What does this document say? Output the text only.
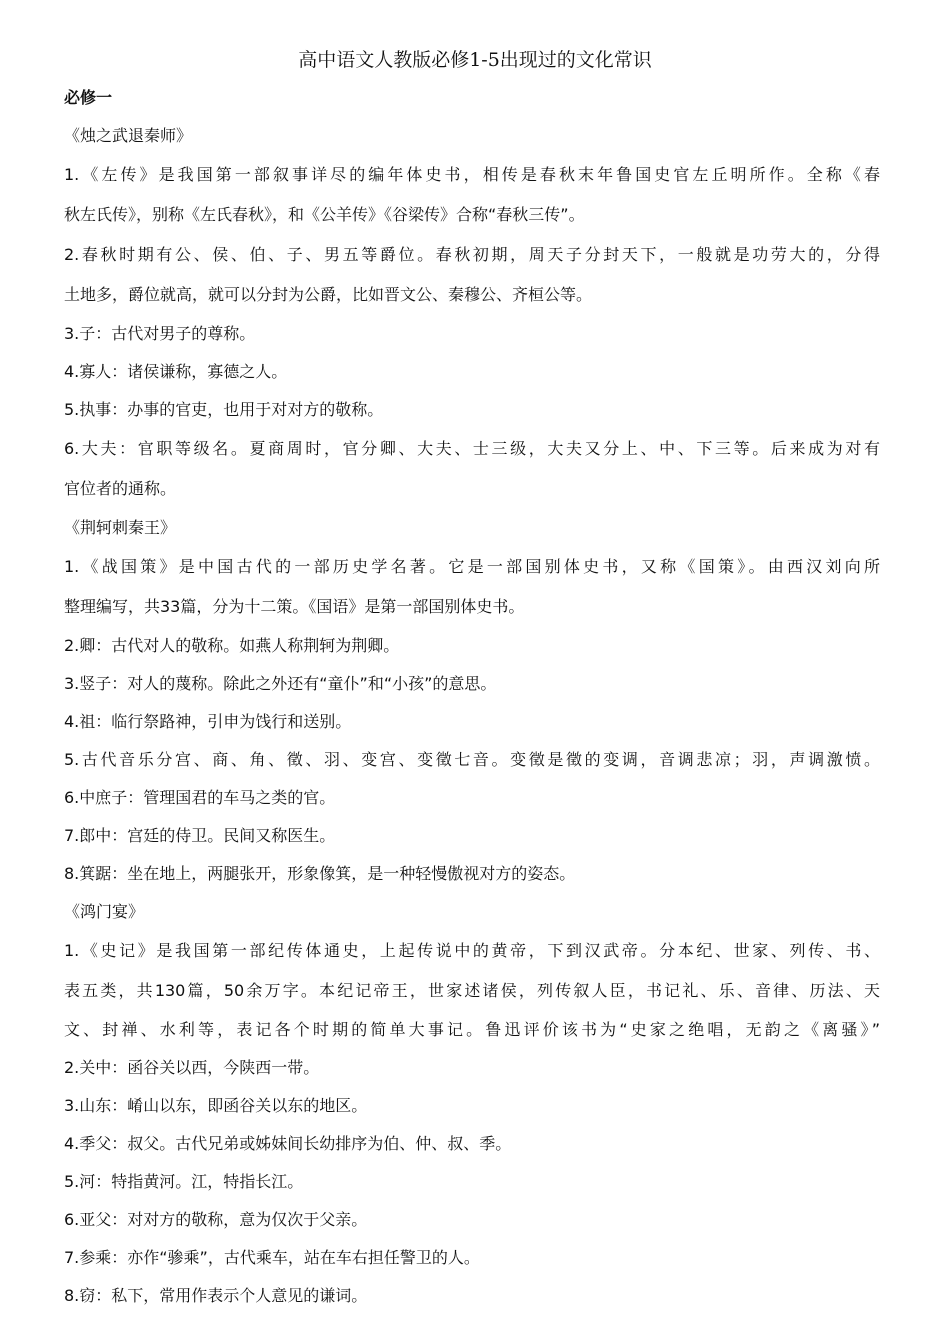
高中语文人教版必修1-5出现过的文化常识
必修一
《烛之武退秦师》
1.《左传》是我国第一部叙事详尽的编年体史书，相传是春秋末年鲁国史官左丘明所作。全称《春
秋左氏传》，别称《左氏春秋》，和《公羊传》《谷梁传》合称“春秋三传”。
2.春秋时期有公、侯、伯、子、男五等爵位。春秋初期，周天子分封天下，一般就是功劳大的，分得
土地多，爵位就高，就可以分封为公爵，比如晋文公、秦穆公、齐桓公等。
3.子：古代对男子的尊称。
4.寡人：诸侯谦称，寡德之人。
5.执事：办事的官吏，也用于对对方的敬称。
6.大夫：官职等级名。夏商周时，官分卿、大夫、士三级，大夫又分上、中、下三等。后来成为对有
官位者的通称。
《荆轲刺秦王》
1.《战国策》是中国古代的一部历史学名著。它是一部国别体史书，又称《国策》。由西汉刘向所
整理编写，共33篇，分为十二策。《国语》是第一部国别体史书。
2.卿：古代对人的敬称。如燕人称荆轲为荆卿。
3.竖子：对人的蔑称。除此之外还有“童仆”和“小孩”的意思。
4.祖：临行祭路神，引申为饯行和送别。
5.古代音乐分宫、商、角、徵、羽、变宫、变徵七音。变徵是徵的变调，音调悲凉；羽，声调激愤。
6.中庶子：管理国君的车马之类的官。
7.郎中：宫廷的侍卫。民间又称医生。
8.箕踞：坐在地上，两腿张开，形象像箕，是一种轻慢傲视对方的姿态。
《鸿门宴》
1.《史记》是我国第一部纪传体通史，上起传说中的黄帝，下到汉武帝。分本纪、世家、列传、书、
表五类，共130篇，50余万字。本纪记帝王，世家述诸侯，列传叙人臣，书记礼、乐、音律、历法、天
文、封禅、水利等，表记各个时期的简单大事记。鲁迅评价该书为“史家之绝唱，无韵之《离骚》”
2.关中：函谷关以西，今陕西一带。
3.山东：崤山以东，即函谷关以东的地区。
4.季父：叔父。古代兄弟或姊妹间长幼排序为伯、仲、叔、季。
5.河：特指黄河。江，特指长江。
6.亚父：对对方的敬称，意为仅次于父亲。
7.参乘：亦作“骖乘”，古代乘车，站在车右担任警卫的人。
8.窃：私下，常用作表示个人意见的谦词。
